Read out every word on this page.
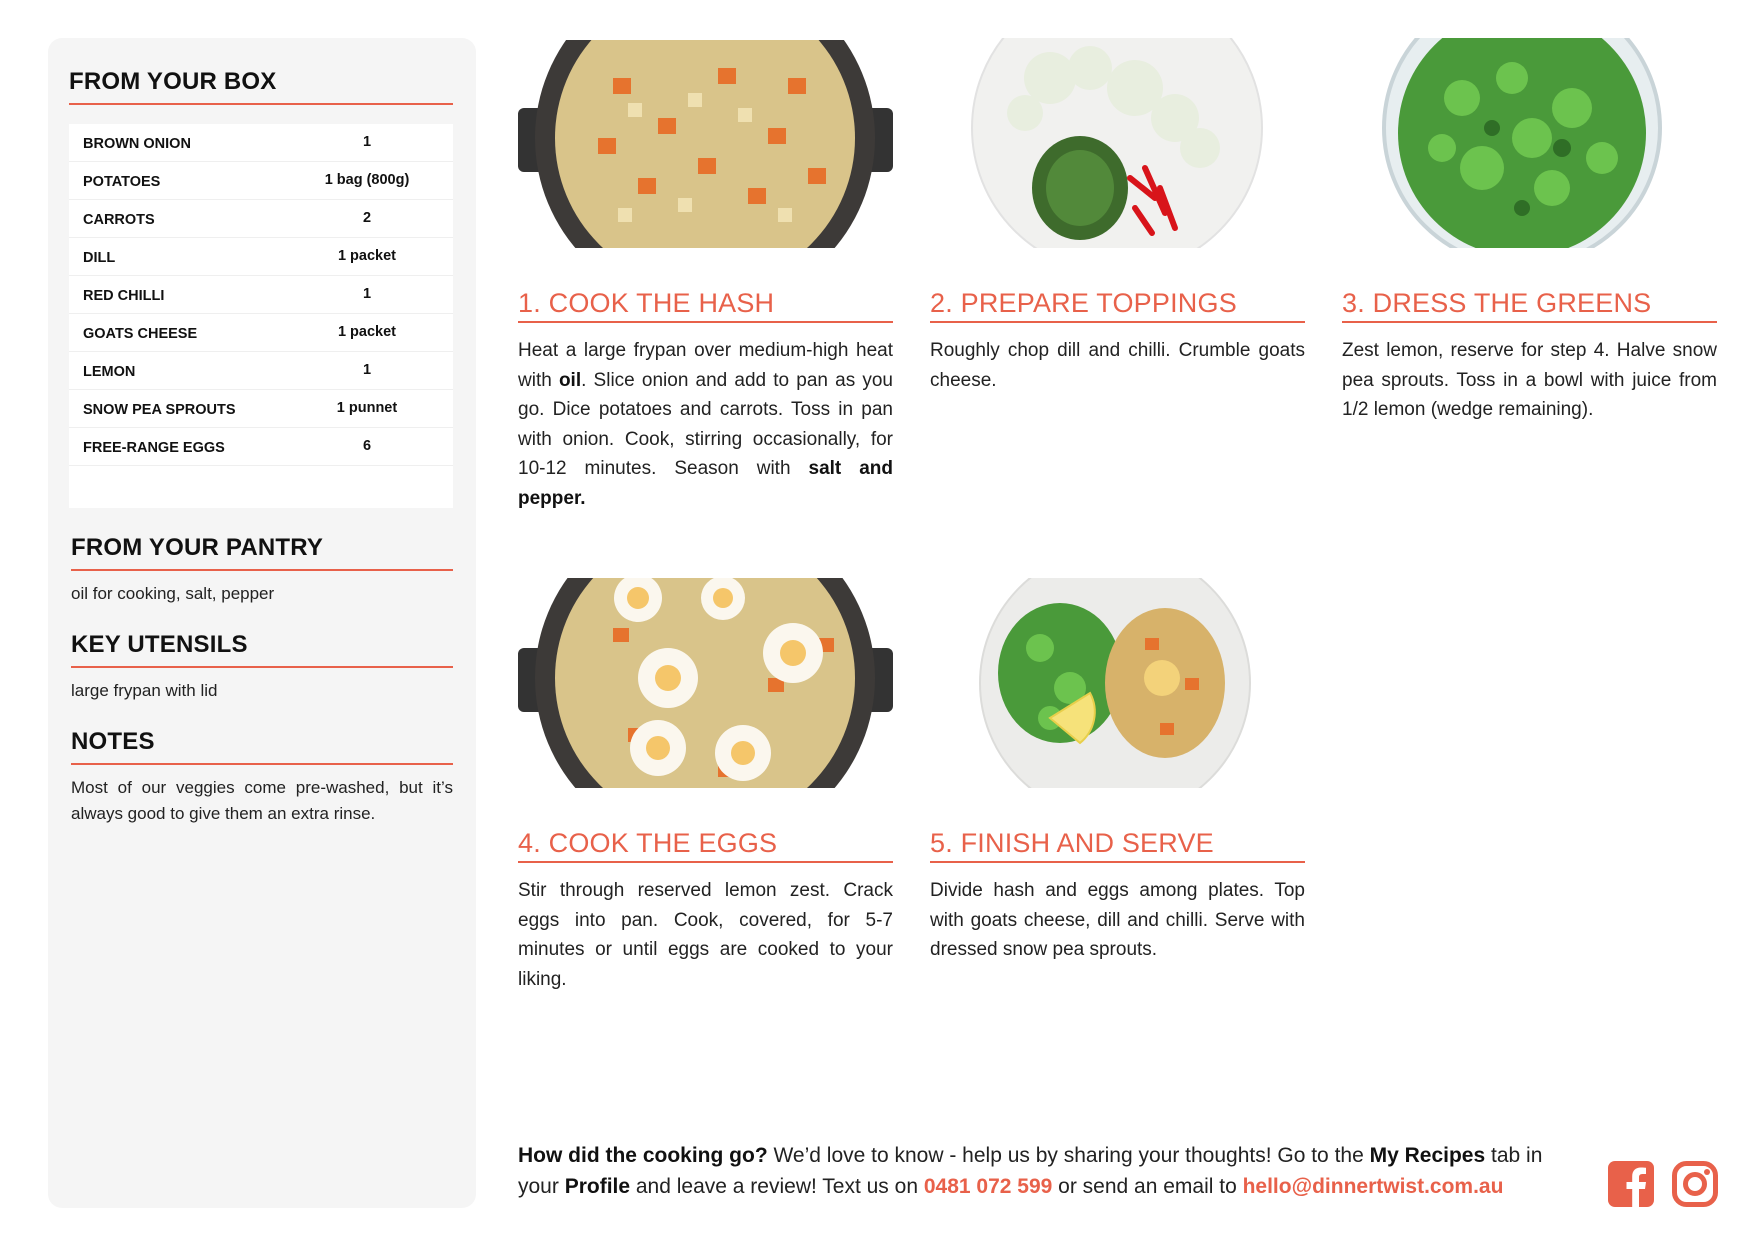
FROM YOUR BOX
BROWN ONION	1
POTATOES	1 bag (800g)
CARROTS	2
DILL	1 packet
RED CHILLI	1
GOATS CHEESE	1 packet
LEMON	1
SNOW PEA SPROUTS	1 punnet
FREE-RANGE EGGS	6
FROM YOUR PANTRY
oil for cooking, salt, pepper
KEY UTENSILS
large frypan with lid
NOTES
Most of our veggies come pre-washed, but it’s always good to give them an extra rinse.
1. COOK THE HASH
Heat a large frypan over medium-high heat with oil. Slice onion and add to pan as you go. Dice potatoes and carrots. Toss in pan with onion. Cook, stirring occasionally, for 10-12 minutes. Season with salt and pepper.
2. PREPARE TOPPINGS
Roughly chop dill and chilli. Crumble goats cheese.
3. DRESS THE GREENS
Zest lemon, reserve for step 4. Halve snow pea sprouts. Toss in a bowl with juice from 1/2 lemon (wedge remaining).
4. COOK THE EGGS
Stir through reserved lemon zest. Crack eggs into pan. Cook, covered, for 5-7 minutes or until eggs are cooked to your liking.
5. FINISH AND SERVE
Divide hash and eggs among plates. Top with goats cheese, dill and chilli. Serve with dressed snow pea sprouts.
How did the cooking go? We’d love to know - help us by sharing your thoughts! Go to the My Recipes tab in your Profile and leave a review! Text us on 0481 072 599 or send an email to hello@dinnertwist.com.au
